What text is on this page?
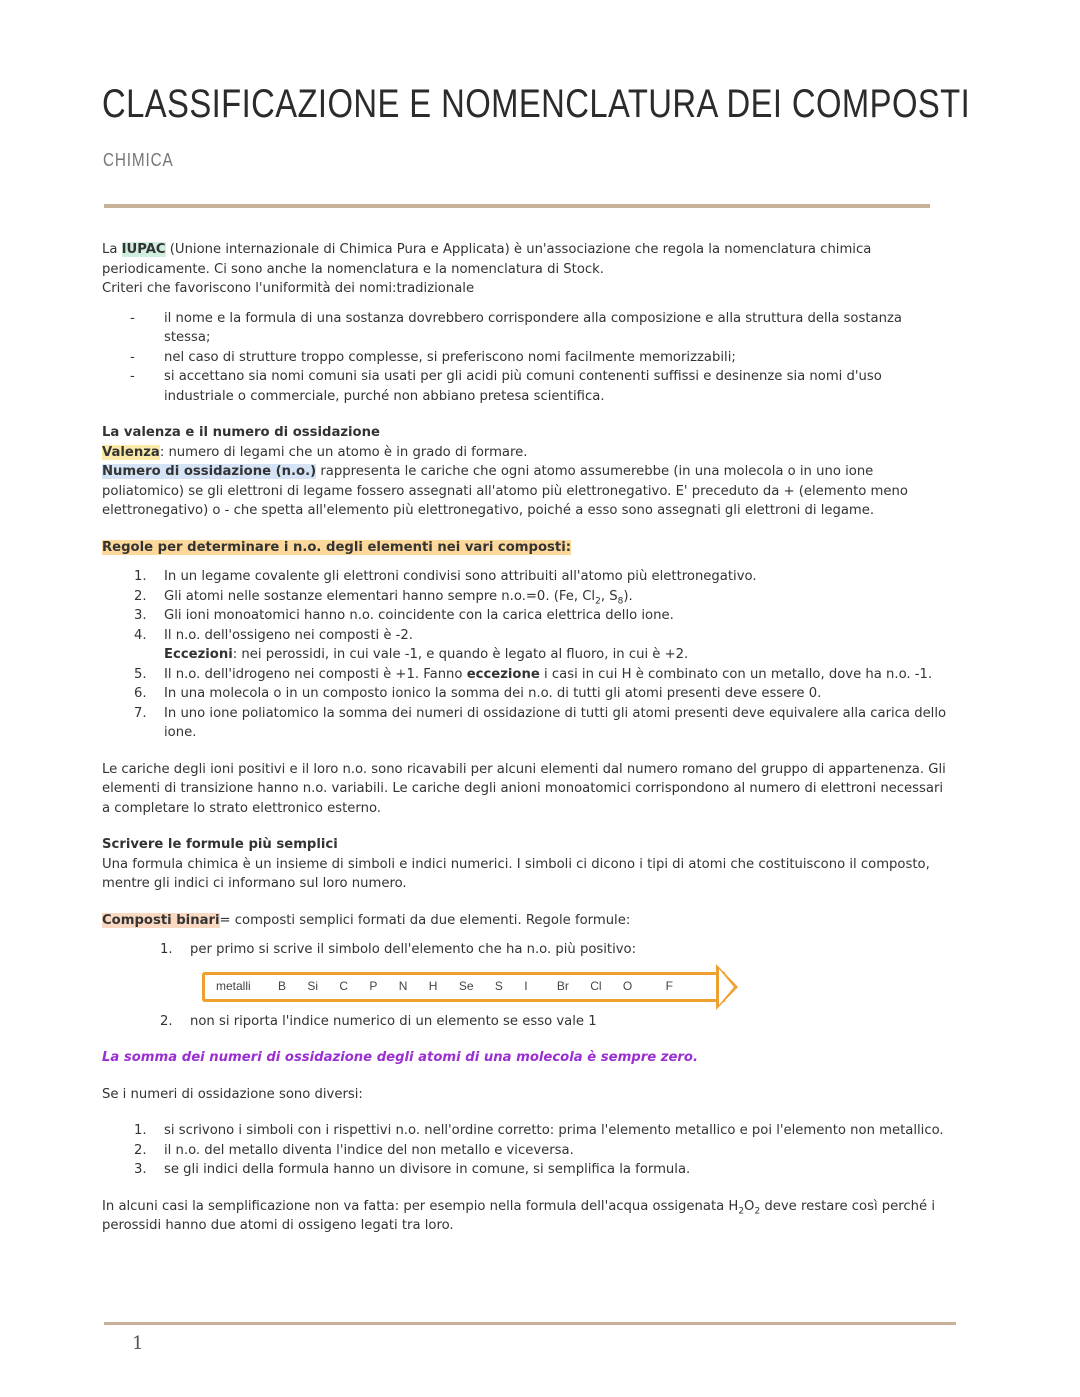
CLASSIFICAZIONE E NOMENCLATURA DEI COMPOSTI
CHIMICA

La IUPAC (Unione internazionale di Chimica Pura e Applicata) è un'associazione che regola la nomenclatura chimica periodicamente. Ci sono anche la nomenclatura e la nomenclatura di Stock.

Criteri che favoriscono l'uniformità dei nomi:tradizionale

- il nome e la formula di una sostanza dovrebbero corrispondere alla composizione e alla struttura della sostanza stessa;
- nel caso di strutture troppo complesse, si preferiscono nomi facilmente memorizzabili;
- si accettano sia nomi comuni sia usati per gli acidi più comuni contenenti suffissi e desinenze sia nomi d'uso industriale o commerciale, purché non abbiano pretesa scientifica.

La valenza e il numero di ossidazione

Valenza: numero di legami che un atomo è in grado di formare.

Numero di ossidazione (n.o.) rappresenta le cariche che ogni atomo assumerebbe (in una molecola o in uno ione poliatomico) se gli elettroni di legame fossero assegnati all'atomo più elettronegativo. E' preceduto da + (elemento meno elettronegativo) o - che spetta all'elemento più elettronegativo, poiché a esso sono assegnati gli elettroni di legame.

Regole per determinare i n.o. degli elementi nei vari composti:

1. In un legame covalente gli elettroni condivisi sono attribuiti all'atomo più elettronegativo.
2. Gli atomi nelle sostanze elementari hanno sempre n.o.=0. (Fe, $Cl_2$, $S_8$).
3. Gli ioni monoatomici hanno n.o. coincidente con la carica elettrica dello ione.
4. Il n.o. dell'ossigeno nei composti è -2.
Eccezioni: nei perossidi, in cui vale -1, e quando è legato al fluoro, in cui è +2.
5. Il n.o. dell'idrogeno nei composti è +1. Fanno eccezione i casi in cui H è combinato con un metallo, dove ha n.o. -1.
6. In una molecola o in un composto ionico la somma dei n.o. di tutti gli atomi presenti deve essere 0.
7. In uno ione poliatomico la somma dei numeri di ossidazione di tutti gli atomi presenti deve equivalere alla carica dello ione.

Le cariche degli ioni positivi e il loro n.o. sono ricavabili per alcuni elementi dal numero romano del gruppo di appartenenza. Gli elementi di transizione hanno n.o. variabili. Le cariche degli anioni monoatomici corrispondono al numero di elettroni necessari a completare lo strato elettronico esterno.

Scrivere le formule più semplici

Una formula chimica è un insieme di simboli e indici numerici. I simboli ci dicono i tipi di atomi che costituiscono il composto, mentre gli indici ci informano sul loro numero.

Composti binari= composti semplici formati da due elementi. Regole formule:

1. per primo si scrive il simbolo dell'elemento che ha n.o. più positivo:
metalli B Si C P N H Se S I Br Cl O	F
2. non si riporta l'indice numerico di un elemento se esso vale 1

La somma dei numeri di ossidazione degli atomi di una molecola è sempre zero.

Se i numeri di ossidazione sono diversi:

1. si scrivono i simboli con i rispettivi n.o. nell'ordine corretto: prima l'elemento metallico e poi l'elemento non metallico.
2. il n.o. del metallo diventa l'indice del non metallo e viceversa.
3. se gli indici della formula hanno un divisore in comune, si semplifica la formula.

In alcuni casi la semplificazione non va fatta: per esempio nella formula dell'acqua ossigenata $H_2O_2$ deve restare così perché i perossidi hanno due atomi di ossigeno legati tra loro.

1
